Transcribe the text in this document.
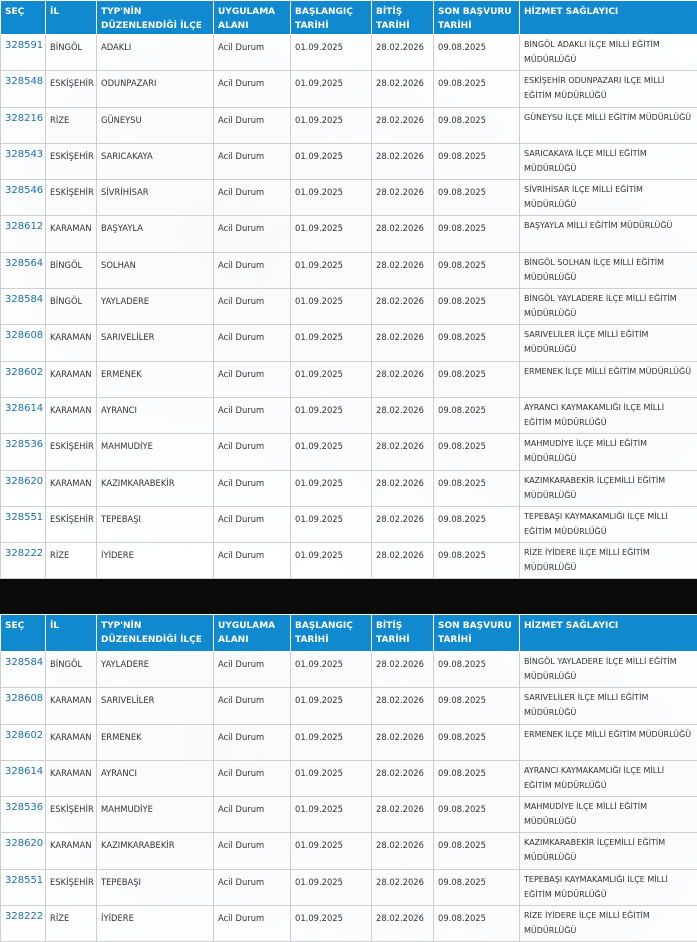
SEÇ	İL	TYP'NİN DÜZENLENDİĞİ İLÇE	UYGULAMA ALANI	BAŞLANGIÇ TARİHİ	BİTİŞ TARİHİ	SON BAŞVURU TARİHİ	HİZMET SAĞLAYICI
328591	BİNGÖL	ADAKLI	Acil Durum	01.09.2025	28.02.2026	09.08.2025	BİNGÖL ADAKLI İLÇE MİLLİ EĞİTİM MÜDÜRLÜĞÜ
328548	ESKİŞEHİR	ODUNPAZARI	Acil Durum	01.09.2025	28.02.2026	09.08.2025	ESKİŞEHİR ODUNPAZARI İLÇE MİLLİ EĞİTİM MÜDÜRLÜĞÜ
328216	RİZE	GÜNEYSU	Acil Durum	01.09.2025	28.02.2026	09.08.2025	GÜNEYSU İLÇE MİLLİ EĞİTİM MÜDÜRLÜĞÜ
328543	ESKİŞEHİR	SARICAKAYA	Acil Durum	01.09.2025	28.02.2026	09.08.2025	SARICAKAYA İLÇE MİLLİ EĞİTİM MÜDÜRLÜĞÜ
328546	ESKİŞEHİR	SİVRİHİSAR	Acil Durum	01.09.2025	28.02.2026	09.08.2025	SİVRİHİSAR İLÇE MİLLİ EĞİTİM MÜDÜRLÜĞÜ
328612	KARAMAN	BAŞYAYLA	Acil Durum	01.09.2025	28.02.2026	09.08.2025	BAŞYAYLA MİLLİ EĞİTİM MÜDÜRLÜĞÜ
328564	BİNGÖL	SOLHAN	Acil Durum	01.09.2025	28.02.2026	09.08.2025	BİNGÖL SOLHAN İLÇE MİLLİ EĞİTİM MÜDÜRLÜĞÜ
328584	BİNGÖL	YAYLADERE	Acil Durum	01.09.2025	28.02.2026	09.08.2025	BİNGÖL YAYLADERE İLÇE MİLLİ EĞİTİM MÜDÜRLÜĞÜ
328608	KARAMAN	SARIVELİLER	Acil Durum	01.09.2025	28.02.2026	09.08.2025	SARIVELİLER İLÇE MİLLİ EĞİTİM MÜDÜRLÜĞÜ
328602	KARAMAN	ERMENEK	Acil Durum	01.09.2025	28.02.2026	09.08.2025	ERMENEK İLÇE MİLLİ EĞİTİM MÜDÜRLÜĞÜ
328614	KARAMAN	AYRANCI	Acil Durum	01.09.2025	28.02.2026	09.08.2025	AYRANCI KAYMAKAMLIĞI İLÇE MİLLİ EĞİTİM MÜDÜRLÜĞÜ
328536	ESKİŞEHİR	MAHMUDİYE	Acil Durum	01.09.2025	28.02.2026	09.08.2025	MAHMUDİYE İLÇE MİLLİ EĞİTİM MÜDÜRLÜĞÜ
328620	KARAMAN	KAZIMKARABEKİR	Acil Durum	01.09.2025	28.02.2026	09.08.2025	KAZIMKARABEKİR İLÇEMİLLİ EĞİTİM MÜDÜRLÜĞÜ
328551	ESKİŞEHİR	TEPEBAŞI	Acil Durum	01.09.2025	28.02.2026	09.08.2025	TEPEBAŞI KAYMAKAMLIĞI İLÇE MİLLİ EĞİTİM MÜDÜRLÜĞÜ
328222	RİZE	İYİDERE	Acil Durum	01.09.2025	28.02.2026	09.08.2025	RİZE İYİDERE İLÇE MİLLİ EĞİTİM MÜDÜRLÜĞÜ
SEÇ	İL	TYP'NİN DÜZENLENDİĞİ İLÇE	UYGULAMA ALANI	BAŞLANGIÇ TARİHİ	BİTİŞ TARİHİ	SON BAŞVURU TARİHİ	HİZMET SAĞLAYICI
328584	BİNGÖL	YAYLADERE	Acil Durum	01.09.2025	28.02.2026	09.08.2025	BİNGÖL YAYLADERE İLÇE MİLLİ EĞİTİM MÜDÜRLÜĞÜ
328608	KARAMAN	SARIVELİLER	Acil Durum	01.09.2025	28.02.2026	09.08.2025	SARIVELİLER İLÇE MİLLİ EĞİTİM MÜDÜRLÜĞÜ
328602	KARAMAN	ERMENEK	Acil Durum	01.09.2025	28.02.2026	09.08.2025	ERMENEK İLÇE MİLLİ EĞİTİM MÜDÜRLÜĞÜ
328614	KARAMAN	AYRANCI	Acil Durum	01.09.2025	28.02.2026	09.08.2025	AYRANCI KAYMAKAMLIĞI İLÇE MİLLİ EĞİTİM MÜDÜRLÜĞÜ
328536	ESKİŞEHİR	MAHMUDİYE	Acil Durum	01.09.2025	28.02.2026	09.08.2025	MAHMUDİYE İLÇE MİLLİ EĞİTİM MÜDÜRLÜĞÜ
328620	KARAMAN	KAZIMKARABEKİR	Acil Durum	01.09.2025	28.02.2026	09.08.2025	KAZIMKARABEKİR İLÇEMİLLİ EĞİTİM MÜDÜRLÜĞÜ
328551	ESKİŞEHİR	TEPEBAŞI	Acil Durum	01.09.2025	28.02.2026	09.08.2025	TEPEBAŞI KAYMAKAMLIĞI İLÇE MİLLİ EĞİTİM MÜDÜRLÜĞÜ
328222	RİZE	İYİDERE	Acil Durum	01.09.2025	28.02.2026	09.08.2025	RİZE İYİDERE İLÇE MİLLİ EĞİTİM MÜDÜRLÜĞÜ
